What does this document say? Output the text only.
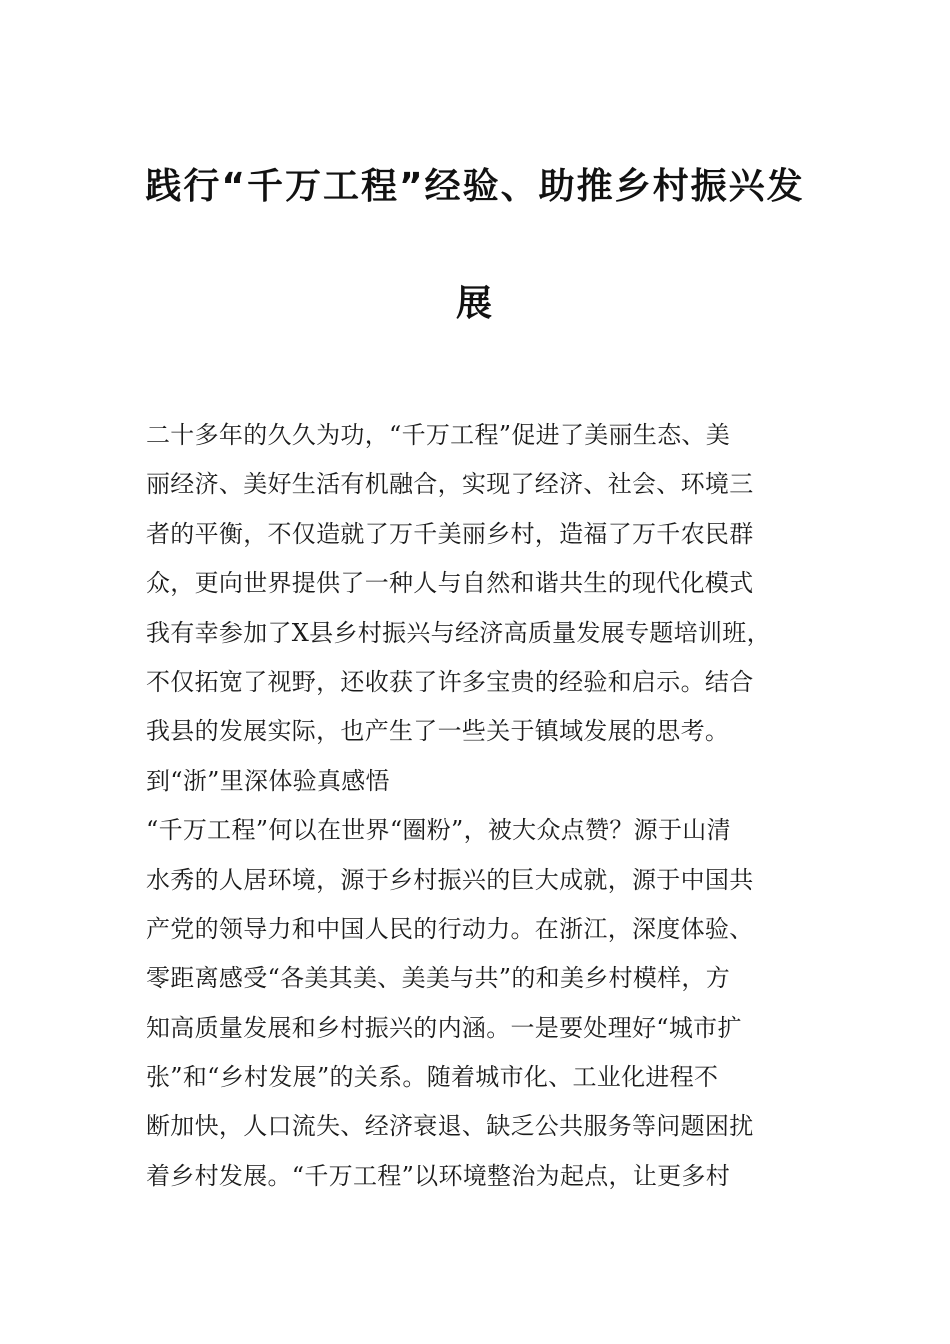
践行“千万工程”经验、助推乡村振兴发
展
二十多年的久久为功，“千万工程”促进了美丽生态、美
丽经济、美好生活有机融合，实现了经济、社会、环境三
者的平衡，不仅造就了万千美丽乡村，造福了万千农民群
众，更向世界提供了一种人与自然和谐共生的现代化模式
我有幸参加了X县乡村振兴与经济高质量发展专题培训班，
不仅拓宽了视野，还收获了许多宝贵的经验和启示。结合
我县的发展实际，也产生了一些关于镇域发展的思考。
到“浙”里深体验真感悟
“千万工程”何以在世界“圈粉”，被大众点赞？源于山清
水秀的人居环境，源于乡村振兴的巨大成就，源于中国共
产党的领导力和中国人民的行动力。在浙江，深度体验、
零距离感受“各美其美、美美与共”的和美乡村模样，方
知高质量发展和乡村振兴的内涵。一是要处理好“城市扩
张”和“乡村发展”的关系。随着城市化、工业化进程不
断加快，人口流失、经济衰退、缺乏公共服务等问题困扰
着乡村发展。“千万工程”以环境整治为起点，让更多村
